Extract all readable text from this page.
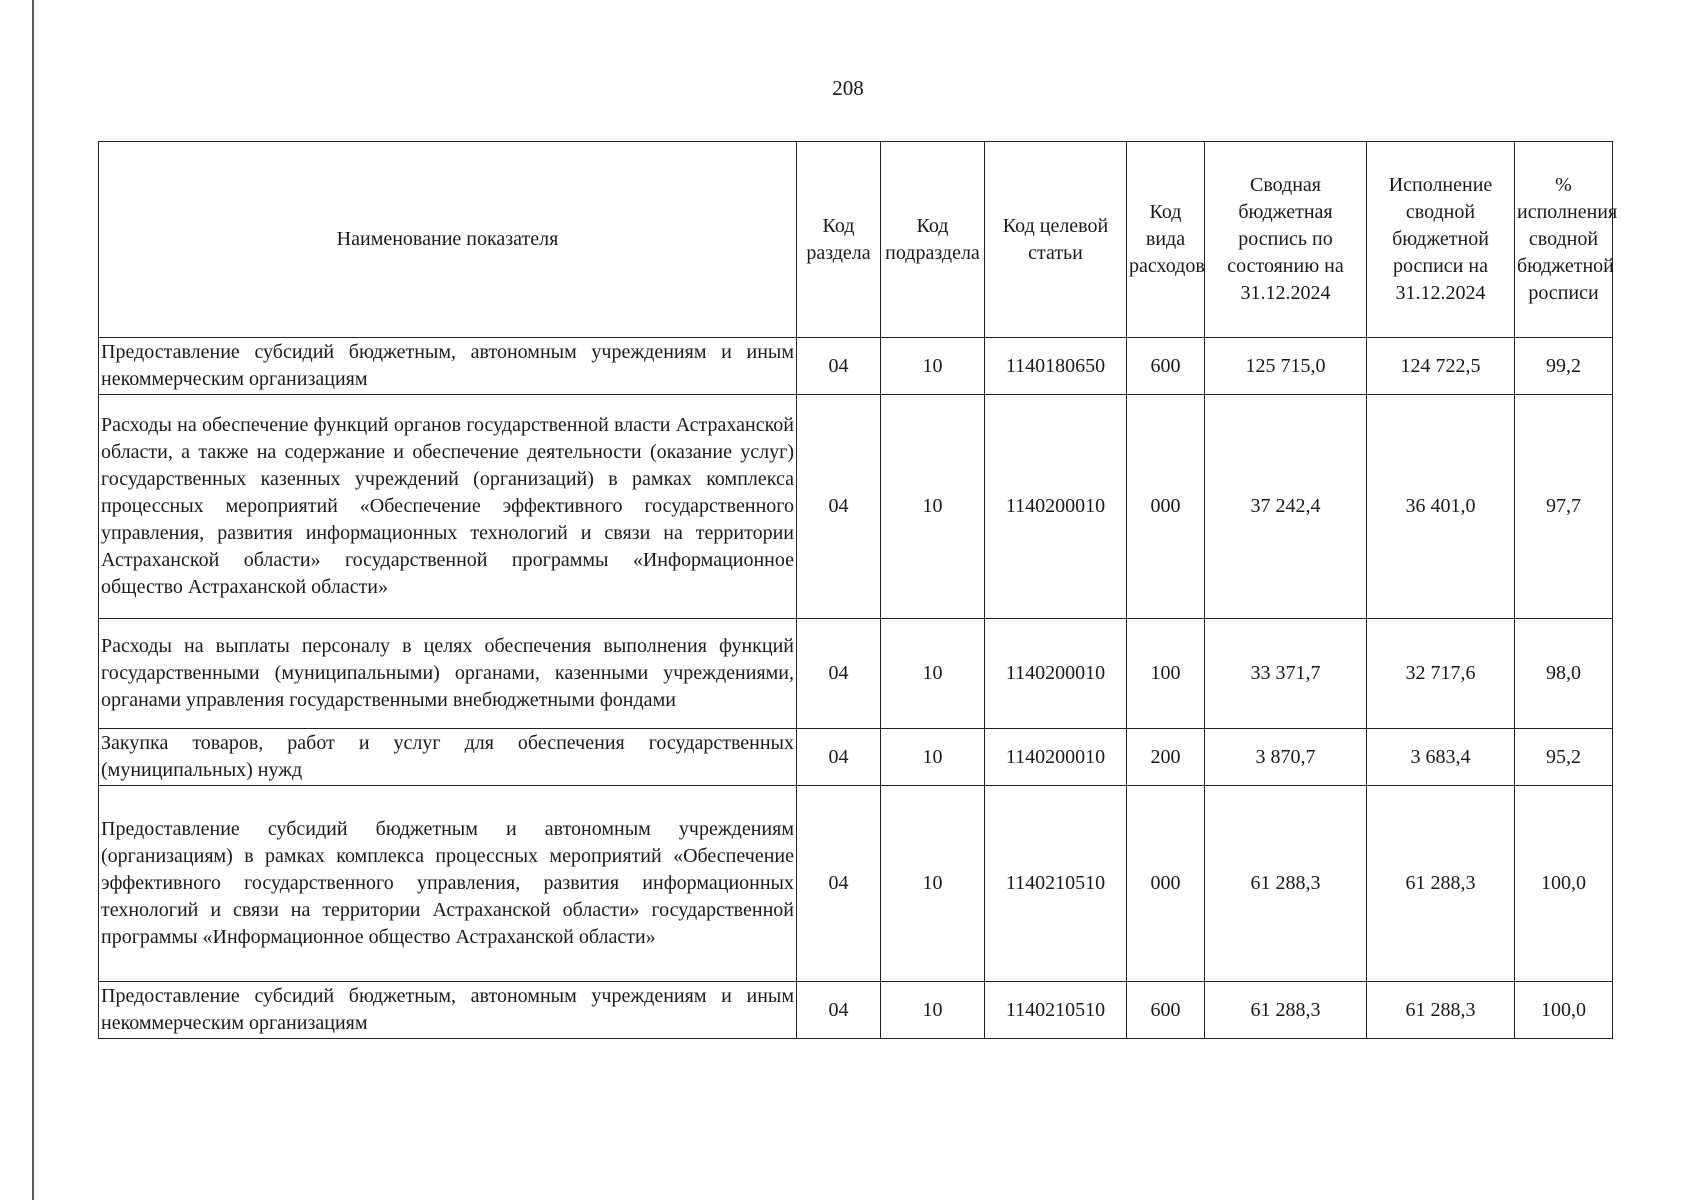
208
Наименование показателя	Код раздела	Код подраздела	Код целевой статьи	Код вида расходов	Сводная бюджетная роспись по состоянию на 31.12.2024	Исполнение сводной бюджетной росписи на 31.12.2024	% исполнения сводной бюджетной росписи
Предоставление субсидий бюджетным, автономным учреждениям и иным некоммерческим организациям	04	10	1140180650	600	125 715,0	124 722,5	99,2
Расходы на обеспечение функций органов государственной власти Астраханской области, а также на содержание и обеспечение деятельности (оказание услуг) государственных казенных учреждений (организаций) в рамках комплекса процессных мероприятий «Обеспечение эффективного государственного управления, развития информационных технологий и связи на территории Астраханской области» государственной программы «Информационное общество Астраханской области»	04	10	1140200010	000	37 242,4	36 401,0	97,7
Расходы на выплаты персоналу в целях обеспечения выполнения функций государственными (муниципальными) органами, казенными учреждениями, органами управления государственными внебюджетными фондами	04	10	1140200010	100	33 371,7	32 717,6	98,0
Закупка товаров, работ и услуг для обеспечения государственных (муниципальных) нужд	04	10	1140200010	200	3 870,7	3 683,4	95,2
Предоставление субсидий бюджетным и автономным учреждениям (организациям) в рамках комплекса процессных мероприятий «Обеспечение эффективного государственного управления, развития информационных технологий и связи на территории Астраханской области» государственной программы «Информационное общество Астраханской области»	04	10	1140210510	000	61 288,3	61 288,3	100,0
Предоставление субсидий бюджетным, автономным учреждениям и иным некоммерческим организациям	04	10	1140210510	600	61 288,3	61 288,3	100,0
